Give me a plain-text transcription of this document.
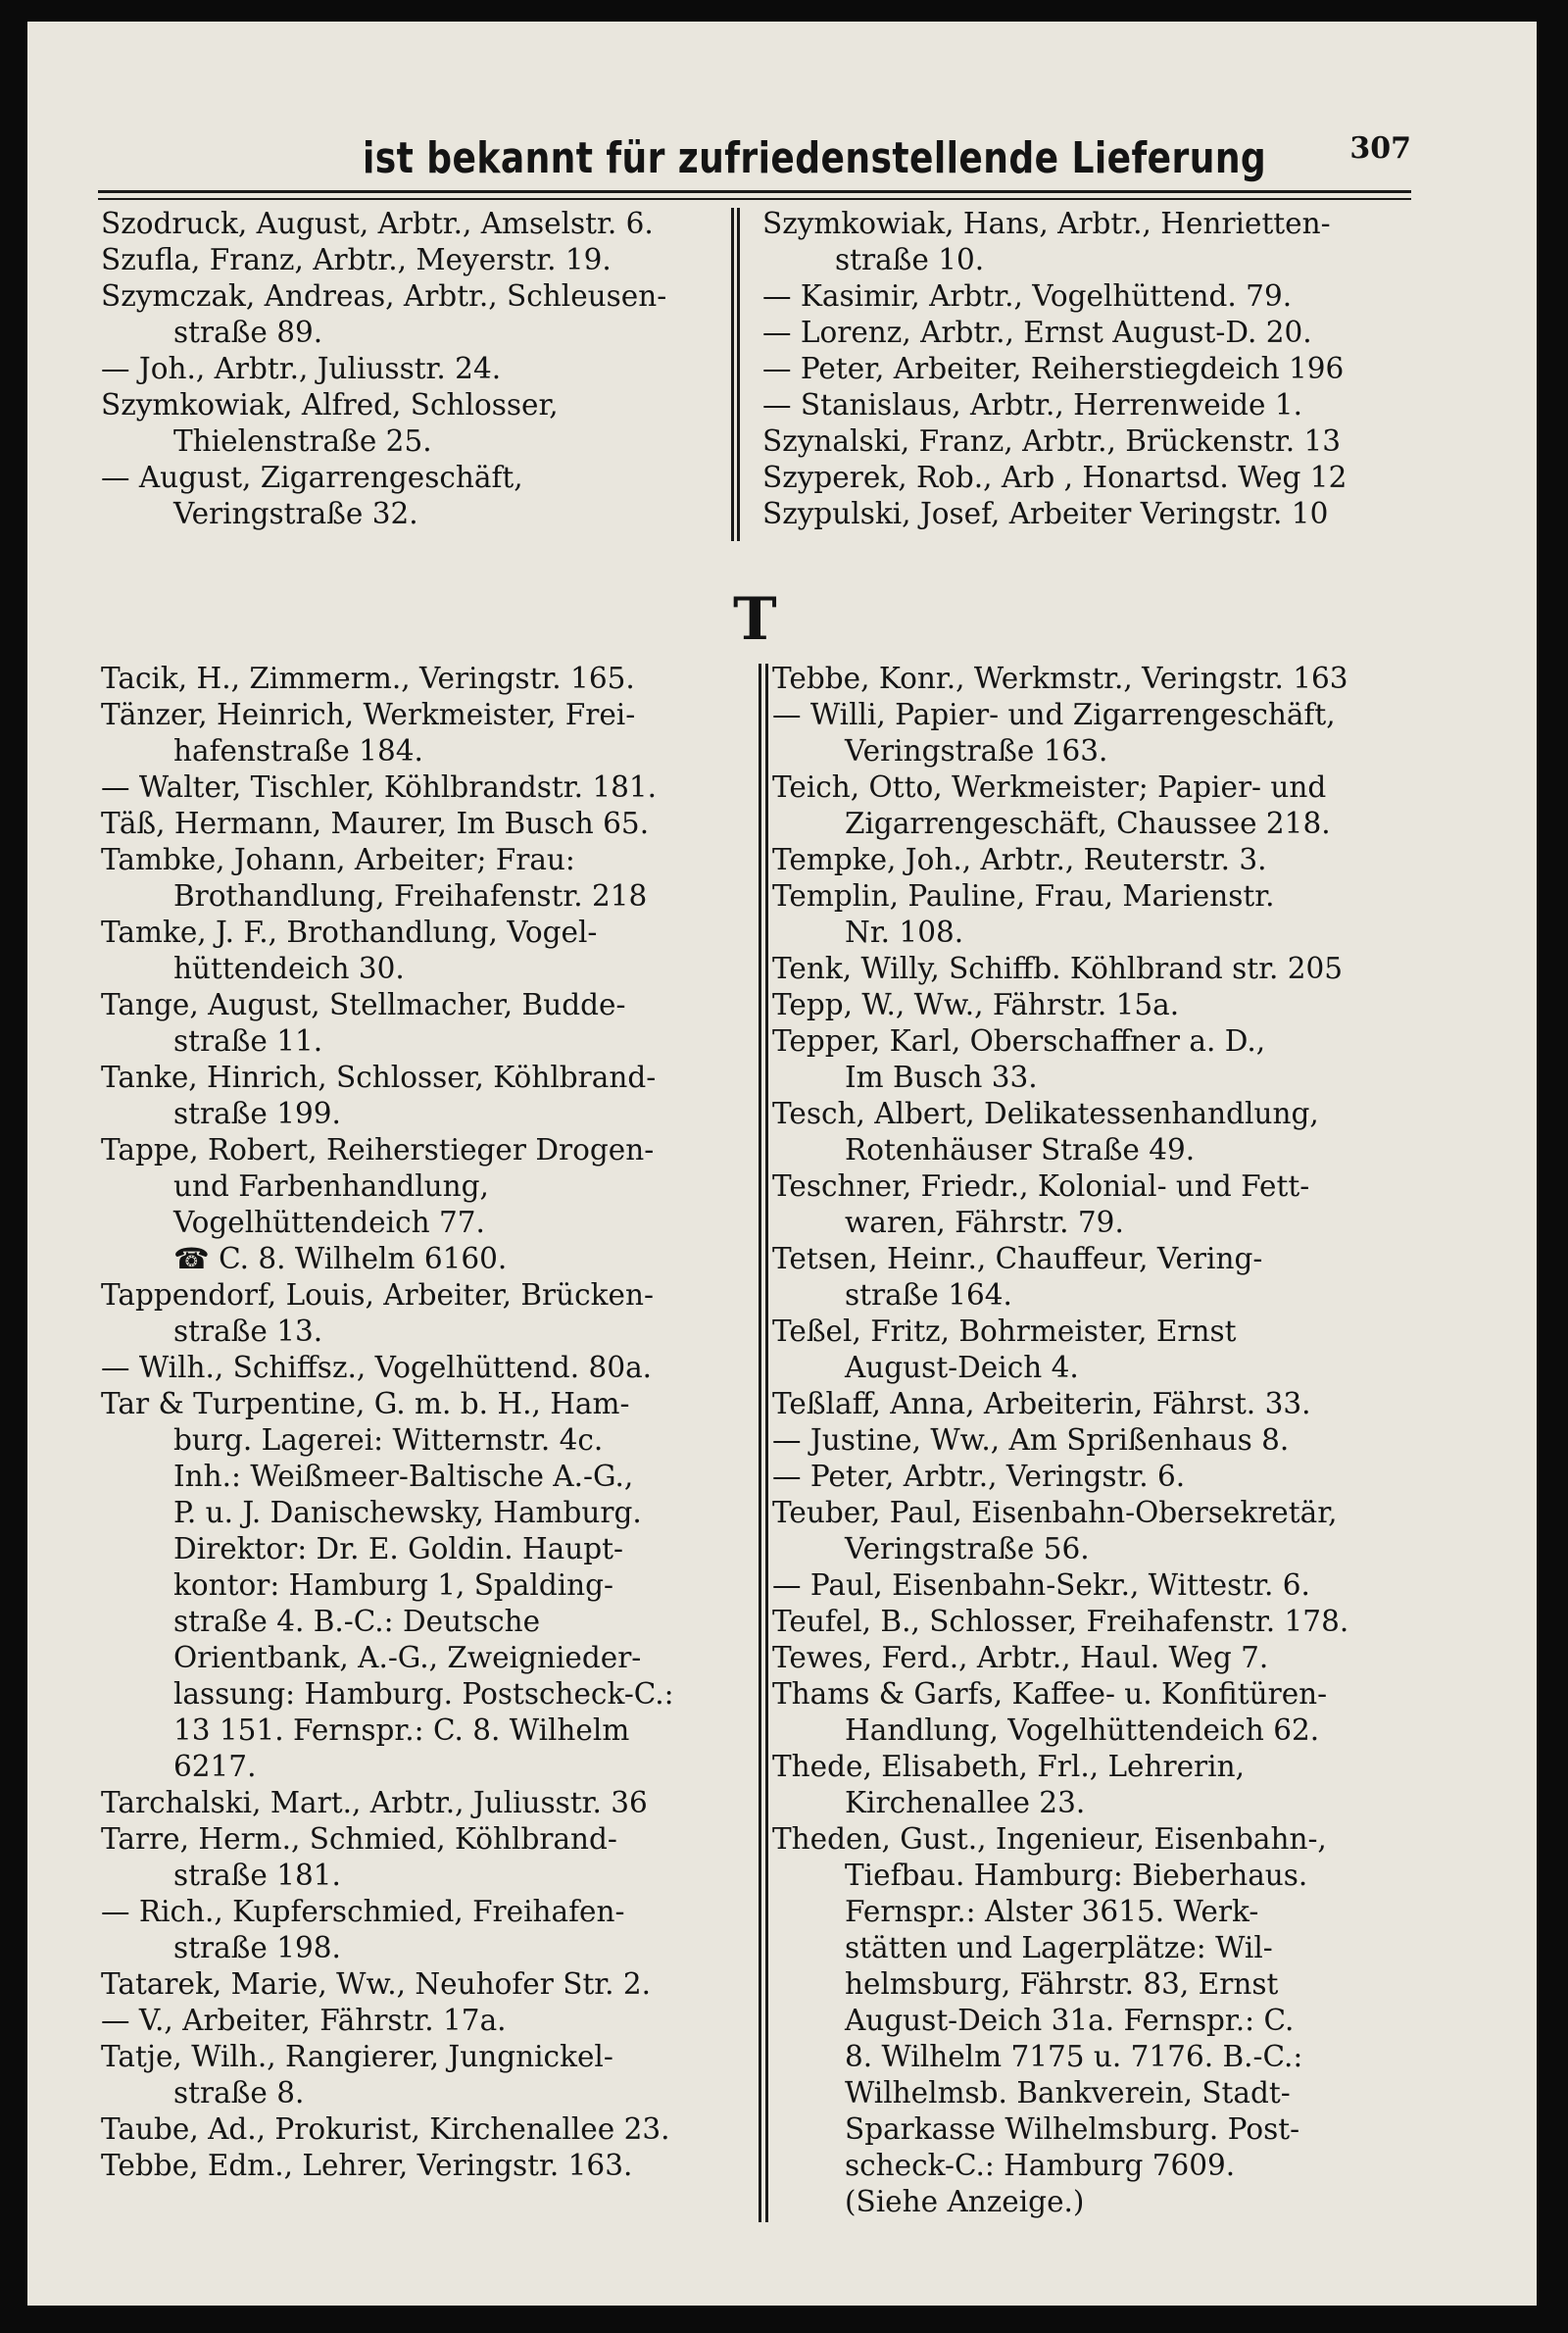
ist bekannt für zufriedenstellende Lieferung	307

Szodruck, August, Arbtr., Amselstr. 6.

Szufla, Franz, Arbtr., Meyerstr. 19.

Szymczak, Andreas, Arbtr., Schleusen-
straße 89.

— Joh., Arbtr., Juliusstr. 24.

Szymkowiak, Alfred, Schlosser,
Thielenstraße 25.

— August, Zigarrengeschäft,
Veringstraße 32.

Szymkowiak, Hans, Arbtr., Henrietten-
straße 10.

— Kasimir, Arbtr., Vogelhüttend. 79.

— Lorenz, Arbtr., Ernst August-D. 20.

— Peter, Arbeiter, Reiherstiegdeich 196

— Stanislaus, Arbtr., Herrenweide 1.

Szynalski, Franz, Arbtr., Brückenstr. 13

Szyperek, Rob., Arb , Honartsd. Weg 12

Szypulski, Josef, Arbeiter Veringstr. 10

T

Tacik, H., Zimmerm., Veringstr. 165.

Tänzer, Heinrich, Werkmeister, Frei-
hafenstraße 184.

— Walter, Tischler, Köhlbrandstr. 181.

Täß, Hermann, Maurer, Im Busch 65.

Tambke, Johann, Arbeiter; Frau:
Brothandlung, Freihafenstr. 218

Tamke, J. F., Brothandlung, Vogel-
hüttendeich 30.

Tange, August, Stellmacher, Budde-
straße 11.

Tanke, Hinrich, Schlosser, Köhlbrand-
straße 199.

Tappe, Robert, Reiherstieger Drogen-
und Farbenhandlung,

Vogelhüttendeich 77.

☎ C. 8. Wilhelm 6160.

Tappendorf, Louis, Arbeiter, Brücken-
straße 13.

— Wilh., Schiffsz., Vogelhüttend. 80a.

Tar & Turpentine, G. m. b. H., Ham-
burg. Lagerei: Witternstr. 4c.

Inh.: Weißmeer-Baltische A.-G.,

P. u. J. Danischewsky, Hamburg.

Direktor: Dr. E. Goldin. Haupt-

kontor: Hamburg 1, Spalding-

straße 4. B.-C.: Deutsche

Orientbank, A.-G., Zweignieder-

lassung: Hamburg. Postscheck-C.:

13 151. Fernspr.: C. 8. Wilhelm

6217.

Tarchalski, Mart., Arbtr., Juliusstr. 36

Tarre, Herm., Schmied, Köhlbrand-
straße 181.

— Rich., Kupferschmied, Freihafen-
straße 198.

Tatarek, Marie, Ww., Neuhofer Str. 2.

— V., Arbeiter, Fährstr. 17a.

Tatje, Wilh., Rangierer, Jungnickel-
straße 8.

Taube, Ad., Prokurist, Kirchenallee 23.

Tebbe, Edm., Lehrer, Veringstr. 163.

Tebbe, Konr., Werkmstr., Veringstr. 163

— Willi, Papier- und Zigarrengeschäft,
Veringstraße 163.

Teich, Otto, Werkmeister; Papier- und
Zigarrengeschäft, Chaussee 218.

Tempke, Joh., Arbtr., Reuterstr. 3.

Templin, Pauline, Frau, Marienstr.
Nr. 108.

Tenk, Willy, Schiffb. Köhlbrand str. 205

Tepp, W., Ww., Fährstr. 15a.

Tepper, Karl, Oberschaffner a. D.,
Im Busch 33.

Tesch, Albert, Delikatessenhandlung,
Rotenhäuser Straße 49.

Teschner, Friedr., Kolonial- und Fett-
waren, Fährstr. 79.

Tetsen, Heinr., Chauffeur, Vering-
straße 164.

Teßel, Fritz, Bohrmeister, Ernst
August-Deich 4.

Teßlaff, Anna, Arbeiterin, Fährst. 33.

— Justine, Ww., Am Sprißenhaus 8.

— Peter, Arbtr., Veringstr. 6.

Teuber, Paul, Eisenbahn-Obersekretär,
Veringstraße 56.

— Paul, Eisenbahn-Sekr., Wittestr. 6.

Teufel, B., Schlosser, Freihafenstr. 178.

Tewes, Ferd., Arbtr., Haul. Weg 7.

Thams & Garfs, Kaffee- u. Konfitüren-
Handlung, Vogelhüttendeich 62.

Thede, Elisabeth, Frl., Lehrerin,
Kirchenallee 23.

Theden, Gust., Ingenieur, Eisenbahn-,
Tiefbau. Hamburg: Bieberhaus.

Fernspr.: Alster 3615. Werk-

stätten und Lagerplätze: Wil-

helmsburg, Fährstr. 83, Ernst

August-Deich 31a. Fernspr.: C.

8. Wilhelm 7175 u. 7176. B.-C.:

Wilhelmsb. Bankverein, Stadt-

Sparkasse Wilhelmsburg. Post-

scheck-C.: Hamburg 7609.

(Siehe Anzeige.)
